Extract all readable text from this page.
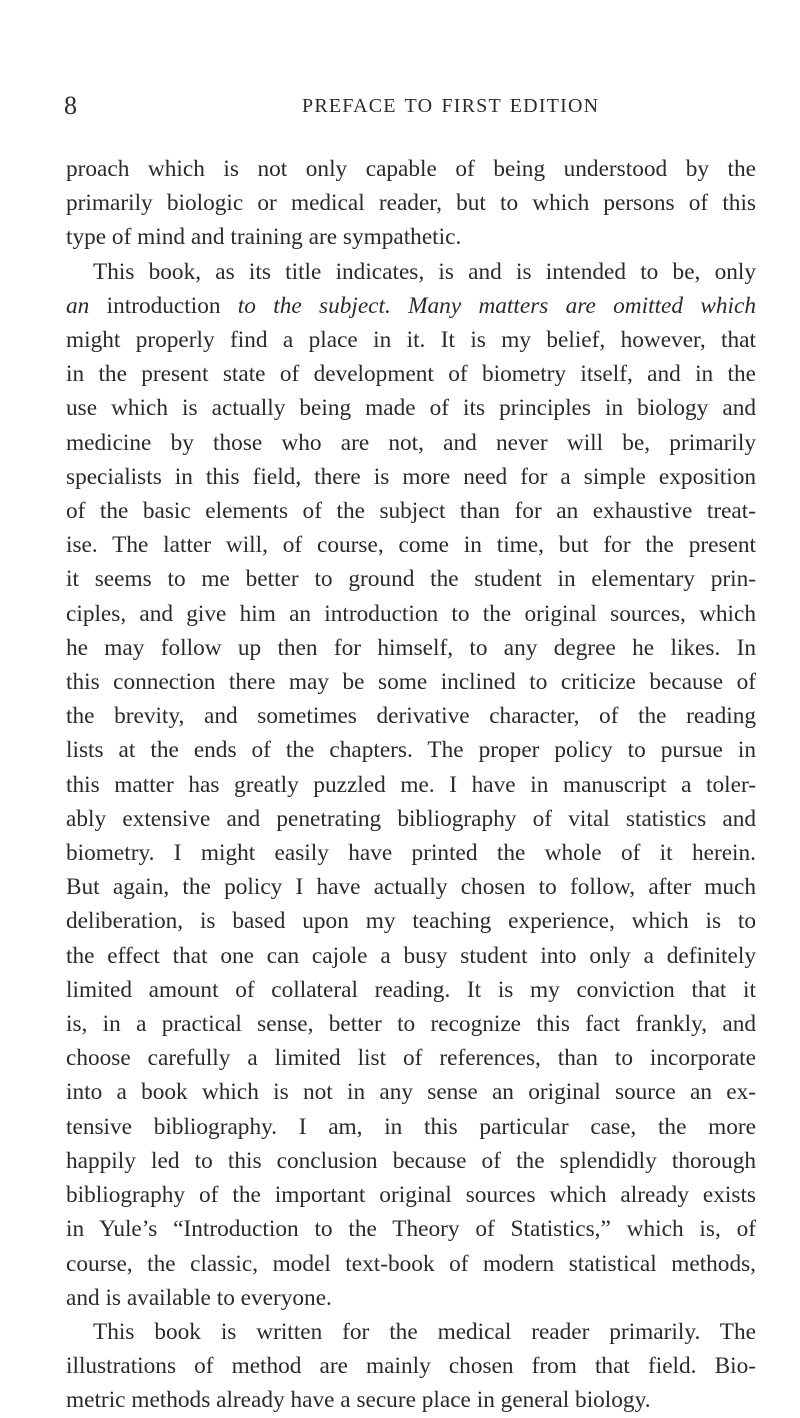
8	PREFACE TO FIRST EDITION
proach which is not only capable of being understood by the
primarily biologic or medical reader, but to which persons of this
type of mind and training are sympathetic.
This book, as its title indicates, is and is intended to be, only
an introduction to the subject. Many matters are omitted which
might properly find a place in it. It is my belief, however, that
in the present state of development of biometry itself, and in the
use which is actually being made of its principles in biology and
medicine by those who are not, and never will be, primarily
specialists in this field, there is more need for a simple exposition
of the basic elements of the subject than for an exhaustive treat-
ise. The latter will, of course, come in time, but for the present
it seems to me better to ground the student in elementary prin-
ciples, and give him an introduction to the original sources, which
he may follow up then for himself, to any degree he likes. In
this connection there may be some inclined to criticize because of
the brevity, and sometimes derivative character, of the reading
lists at the ends of the chapters. The proper policy to pursue in
this matter has greatly puzzled me. I have in manuscript a toler-
ably extensive and penetrating bibliography of vital statistics and
biometry. I might easily have printed the whole of it herein.
But again, the policy I have actually chosen to follow, after much
deliberation, is based upon my teaching experience, which is to
the effect that one can cajole a busy student into only a definitely
limited amount of collateral reading. It is my conviction that it
is, in a practical sense, better to recognize this fact frankly, and
choose carefully a limited list of references, than to incorporate
into a book which is not in any sense an original source an ex-
tensive bibliography. I am, in this particular case, the more
happily led to this conclusion because of the splendidly thorough
bibliography of the important original sources which already exists
in Yule’s “Introduction to the Theory of Statistics,” which is, of
course, the classic, model text-book of modern statistical methods,
and is available to everyone.
This book is written for the medical reader primarily. The
illustrations of method are mainly chosen from that field. Bio-
metric methods already have a secure place in general biology.
